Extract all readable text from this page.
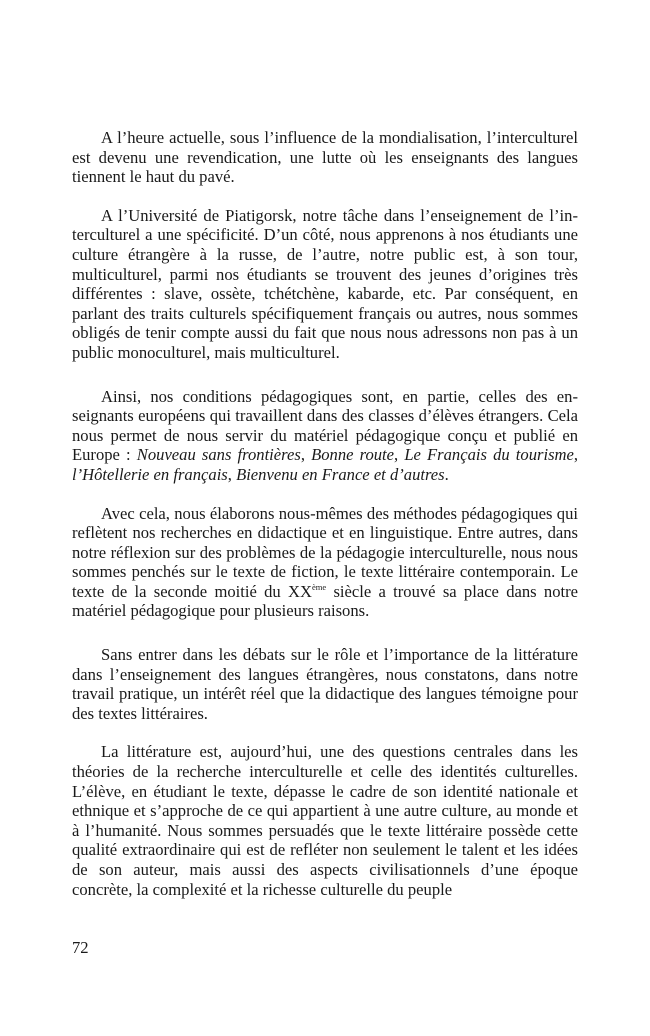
A l’heure actuelle, sous l’influence de la mondialisation, l’interculturel est devenu une revendication, une lutte où les enseignants des langues tiennent le haut du pavé.

A l’Université de Piatigorsk, notre tâche dans l’enseignement de l’interculturel a une spécificité. D’un côté, nous apprenons à nos étudiants une culture étrangère à la russe, de l’autre, notre public est, à son tour, multiculturel, parmi nos étudiants se trouvent des jeunes d’origines très différentes : slave, ossète, tchétchène, kabarde, etc. Par conséquent, en parlant des traits culturels spécifiquement français ou autres, nous sommes obligés de tenir compte aussi du fait que nous nous adressons non pas à un public monoculturel, mais multiculturel.

Ainsi, nos conditions pédagogiques sont, en partie, celles des enseignants européens qui travaillent dans des classes d’élèves étrangers. Cela nous permet de nous servir du matériel pédagogique conçu et publié en Europe : Nouveau sans frontières, Bonne route, Le Français du tourisme, l’Hôtellerie en français, Bienvenu en France et d’autres.

Avec cela, nous élaborons nous-mêmes des méthodes pédagogiques qui reflètent nos recherches en didactique et en linguistique. Entre autres, dans notre réflexion sur des problèmes de la pédagogie interculturelle, nous nous sommes penchés sur le texte de fiction, le texte littéraire contemporain. Le texte de la seconde moitié du XXème siècle a trouvé sa place dans notre matériel pédagogique pour plusieurs raisons.

Sans entrer dans les débats sur le rôle et l’importance de la littérature dans l’enseignement des langues étrangères, nous constatons, dans notre travail pratique, un intérêt réel que la didactique des langues témoigne pour des textes littéraires.

La littérature est, aujourd’hui, une des questions centrales dans les théories de la recherche interculturelle et celle des identités culturelles. L’élève, en étudiant le texte, dépasse le cadre de son identité nationale et ethnique et s’approche de ce qui appartient à une autre culture, au monde et à l’humanité. Nous sommes persuadés que le texte littéraire possède cette qualité extraordinaire qui est de refléter non seulement le talent et les idées de son auteur, mais aussi des aspects civilisationnels d’une époque concrète, la complexité et la richesse culturelle du peuple

72
